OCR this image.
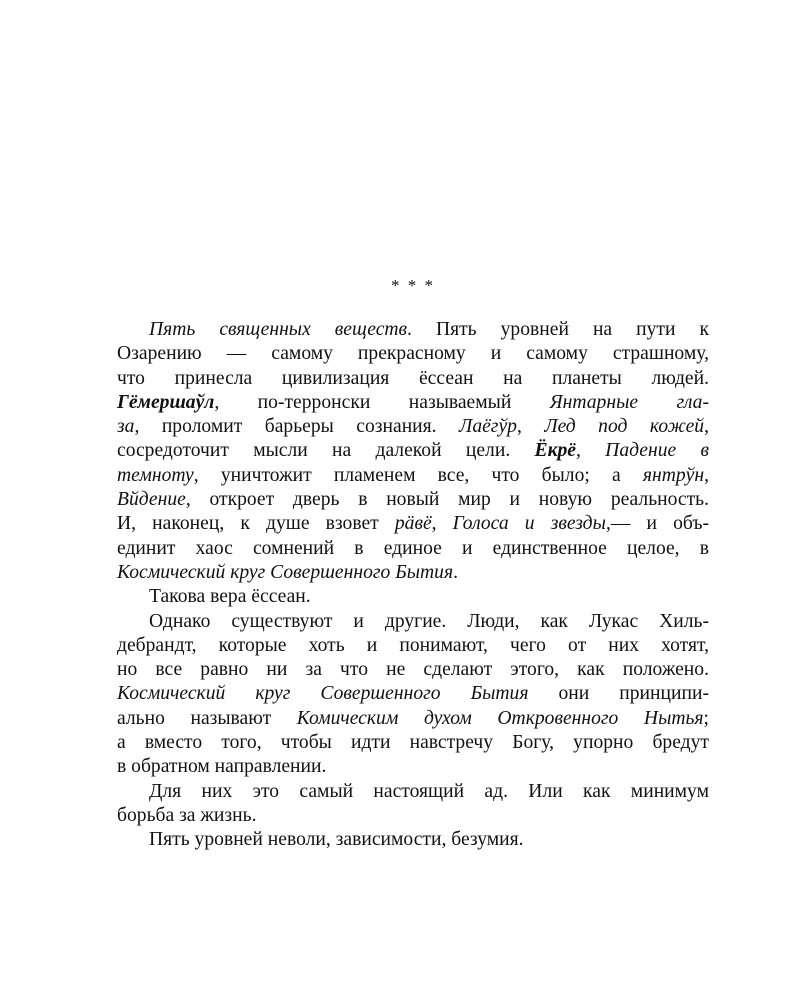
* * *
Пять священных веществ. Пять уровней на пути к
Озарению — самому прекрасному и самому страшному,
что принесла цивилизация ёссеан на планеты людей.
Гёмершаўл, по-терронски называемый Янтарные гла-
за, проломит барьеры сознания. Лаёгўр, Лед под кожей,
сосредоточит мысли на далекой цели. Ёкрё, Падение в
темноту, уничтожит пламенем все, что было; а янтрўн,
Вйдение, откроет дверь в новый мир и новую реальность.
И, наконец, к душе взовет рäвё, Голоса и звезды,— и объ-
единит хаос сомнений в единое и единственное целое, в
Космический круг Совершенного Бытия.
Такова вера ёссеан.
Однако существуют и другие. Люди, как Лукас Хиль-
дебрандт, которые хоть и понимают, чего от них хотят,
но все равно ни за что не сделают этого, как положено.
Космический круг Совершенного Бытия они принципи-
ально называют Комическим духом Откровенного Нытья;
а вместо того, чтобы идти навстречу Богу, упорно бредут
в обратном направлении.
Для них это самый настоящий ад. Или как минимум
борьба за жизнь.
Пять уровней неволи, зависимости, безумия.
